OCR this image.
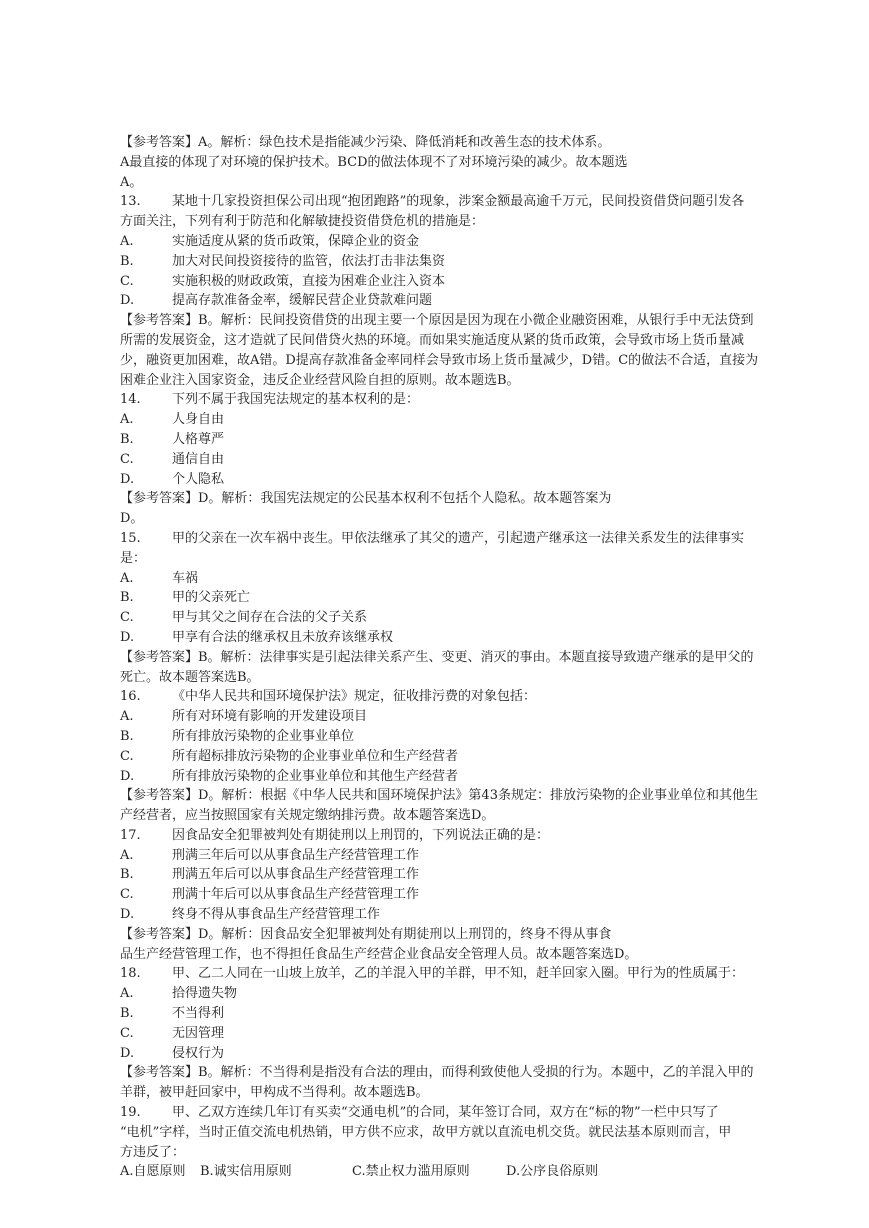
【参考答案】A。解析：绿色技术是指能减少污染、降低消耗和改善生态的技术体系。
A最直接的体现了对环境的保护技术。BCD的做法体现不了对环境污染的减少。故本题选
A。
13.	某地十几家投资担保公司出现“抱团跑路”的现象，涉案金额最高逾千万元，民间投资借贷问题引发各
方面关注，下列有利于防范和化解敏捷投资借贷危机的措施是：
A.	实施适度从紧的货币政策，保障企业的资金
B.	加大对民间投资接待的监管，依法打击非法集资
C.	实施积极的财政政策，直接为困难企业注入资本
D.	提高存款准备金率，缓解民营企业贷款难问题
【参考答案】B。解析：民间投资借贷的出现主要一个原因是因为现在小微企业融资困难，从银行手中无法贷到
所需的发展资金，这才造就了民间借贷火热的环境。而如果实施适度从紧的货币政策，会导致市场上货币量减
少，融资更加困难，故A错。D提高存款准备金率同样会导致市场上货币量减少，D错。C的做法不合适，直接为
困难企业注入国家资金，违反企业经营风险自担的原则。故本题选B。
14.	下列不属于我国宪法规定的基本权利的是：
A.	人身自由
B.	人格尊严
C.	通信自由
D.	个人隐私
【参考答案】D。解析：我国宪法规定的公民基本权利不包括个人隐私。故本题答案为
D。
15.	甲的父亲在一次车祸中丧生。甲依法继承了其父的遗产，引起遗产继承这一法律关系发生的法律事实
是：
A.	车祸
B.	甲的父亲死亡
C.	甲与其父之间存在合法的父子关系
D.	甲享有合法的继承权且未放弃该继承权
【参考答案】B。解析：法律事实是引起法律关系产生、变更、消灭的事由。本题直接导致遗产继承的是甲父的
死亡。故本题答案选B。
16.	《中华人民共和国环境保护法》规定，征收排污费的对象包括：
A.	所有对环境有影响的开发建设项目
B.	所有排放污染物的企业事业单位
C.	所有超标排放污染物的企业事业单位和生产经营者
D.	所有排放污染物的企业事业单位和其他生产经营者
【参考答案】D。解析：根据《中华人民共和国环境保护法》第43条规定：排放污染物的企业事业单位和其他生
产经营者，应当按照国家有关规定缴纳排污费。故本题答案选D。
17.	因食品安全犯罪被判处有期徒刑以上刑罚的，下列说法正确的是：
A.	刑满三年后可以从事食品生产经营管理工作
B.	刑满五年后可以从事食品生产经营管理工作
C.	刑满十年后可以从事食品生产经营管理工作
D.	终身不得从事食品生产经营管理工作
【参考答案】D。解析：因食品安全犯罪被判处有期徒刑以上刑罚的，终身不得从事食
品生产经营管理工作，也不得担任食品生产经营企业食品安全管理人员。故本题答案选D。
18.	甲、乙二人同在一山坡上放羊，乙的羊混入甲的羊群，甲不知，赶羊回家入圈。甲行为的性质属于：
A.	拾得遗失物
B.	不当得利
C.	无因管理
D.	侵权行为
【参考答案】B。解析：不当得利是指没有合法的理由，而得利致使他人受损的行为。本题中，乙的羊混入甲的
羊群，被甲赶回家中，甲构成不当得利。故本题选B。
19.	甲、乙双方连续几年订有买卖“交通电机”的合同，某年签订合同，双方在“标的物”一栏中只写了
“电机”字样，当时正值交流电机热销，甲方供不应求，故甲方就以直流电机交货。就民法基本原则而言，甲
方违反了：
A.自愿原则 B.诚实信用原则	C.禁止权力滥用原则	D.公序良俗原则
